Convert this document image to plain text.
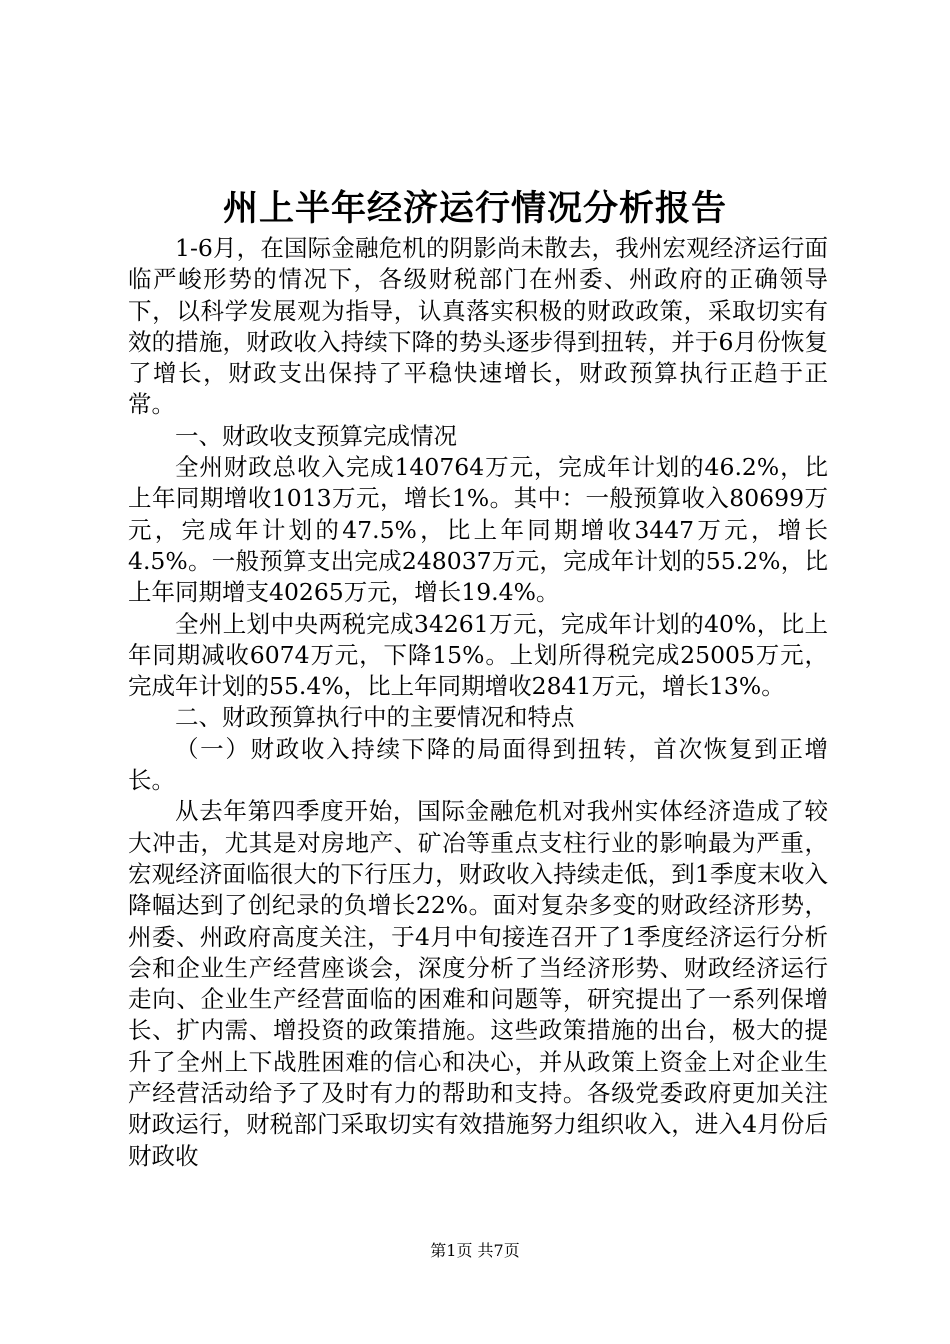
州上半年经济运行情况分析报告

1-6月，在国际金融危机的阴影尚未散去，我州宏观经济运行面临严峻形势的情况下，各级财税部门在州委、州政府的正确领导下，以科学发展观为指导，认真落实积极的财政政策，采取切实有效的措施，财政收入持续下降的势头逐步得到扭转，并于6月份恢复了增长，财政支出保持了平稳快速增长，财政预算执行正趋于正常。

一、财政收支预算完成情况

全州财政总收入完成140764万元，完成年计划的46.2%，比上年同期增收1013万元，增长1%。其中：一般预算收入80699万元，完成年计划的47.5%，比上年同期增收3447万元，增长4.5%。一般预算支出完成248037万元，完成年计划的55.2%，比上年同期增支40265万元，增长19.4%。

全州上划中央两税完成34261万元，完成年计划的40%，比上年同期减收6074万元，下降15%。上划所得税完成25005万元，完成年计划的55.4%，比上年同期增收2841万元，增长13%。

二、财政预算执行中的主要情况和特点

（一）财政收入持续下降的局面得到扭转，首次恢复到正增长。

从去年第四季度开始，国际金融危机对我州实体经济造成了较大冲击，尤其是对房地产、矿冶等重点支柱行业的影响最为严重，宏观经济面临很大的下行压力，财政收入持续走低，到1季度末收入降幅达到了创纪录的负增长22%。面对复杂多变的财政经济形势，州委、州政府高度关注，于4月中旬接连召开了1季度经济运行分析会和企业生产经营座谈会，深度分析了当经济形势、财政经济运行走向、企业生产经营面临的困难和问题等，研究提出了一系列保增长、扩内需、增投资的政策措施。这些政策措施的出台，极大的提升了全州上下战胜困难的信心和决心，并从政策上资金上对企业生产经营活动给予了及时有力的帮助和支持。各级党委政府更加关注财政运行，财税部门采取切实有效措施努力组织收入，进入4月份后财政收

第1页 共7页
